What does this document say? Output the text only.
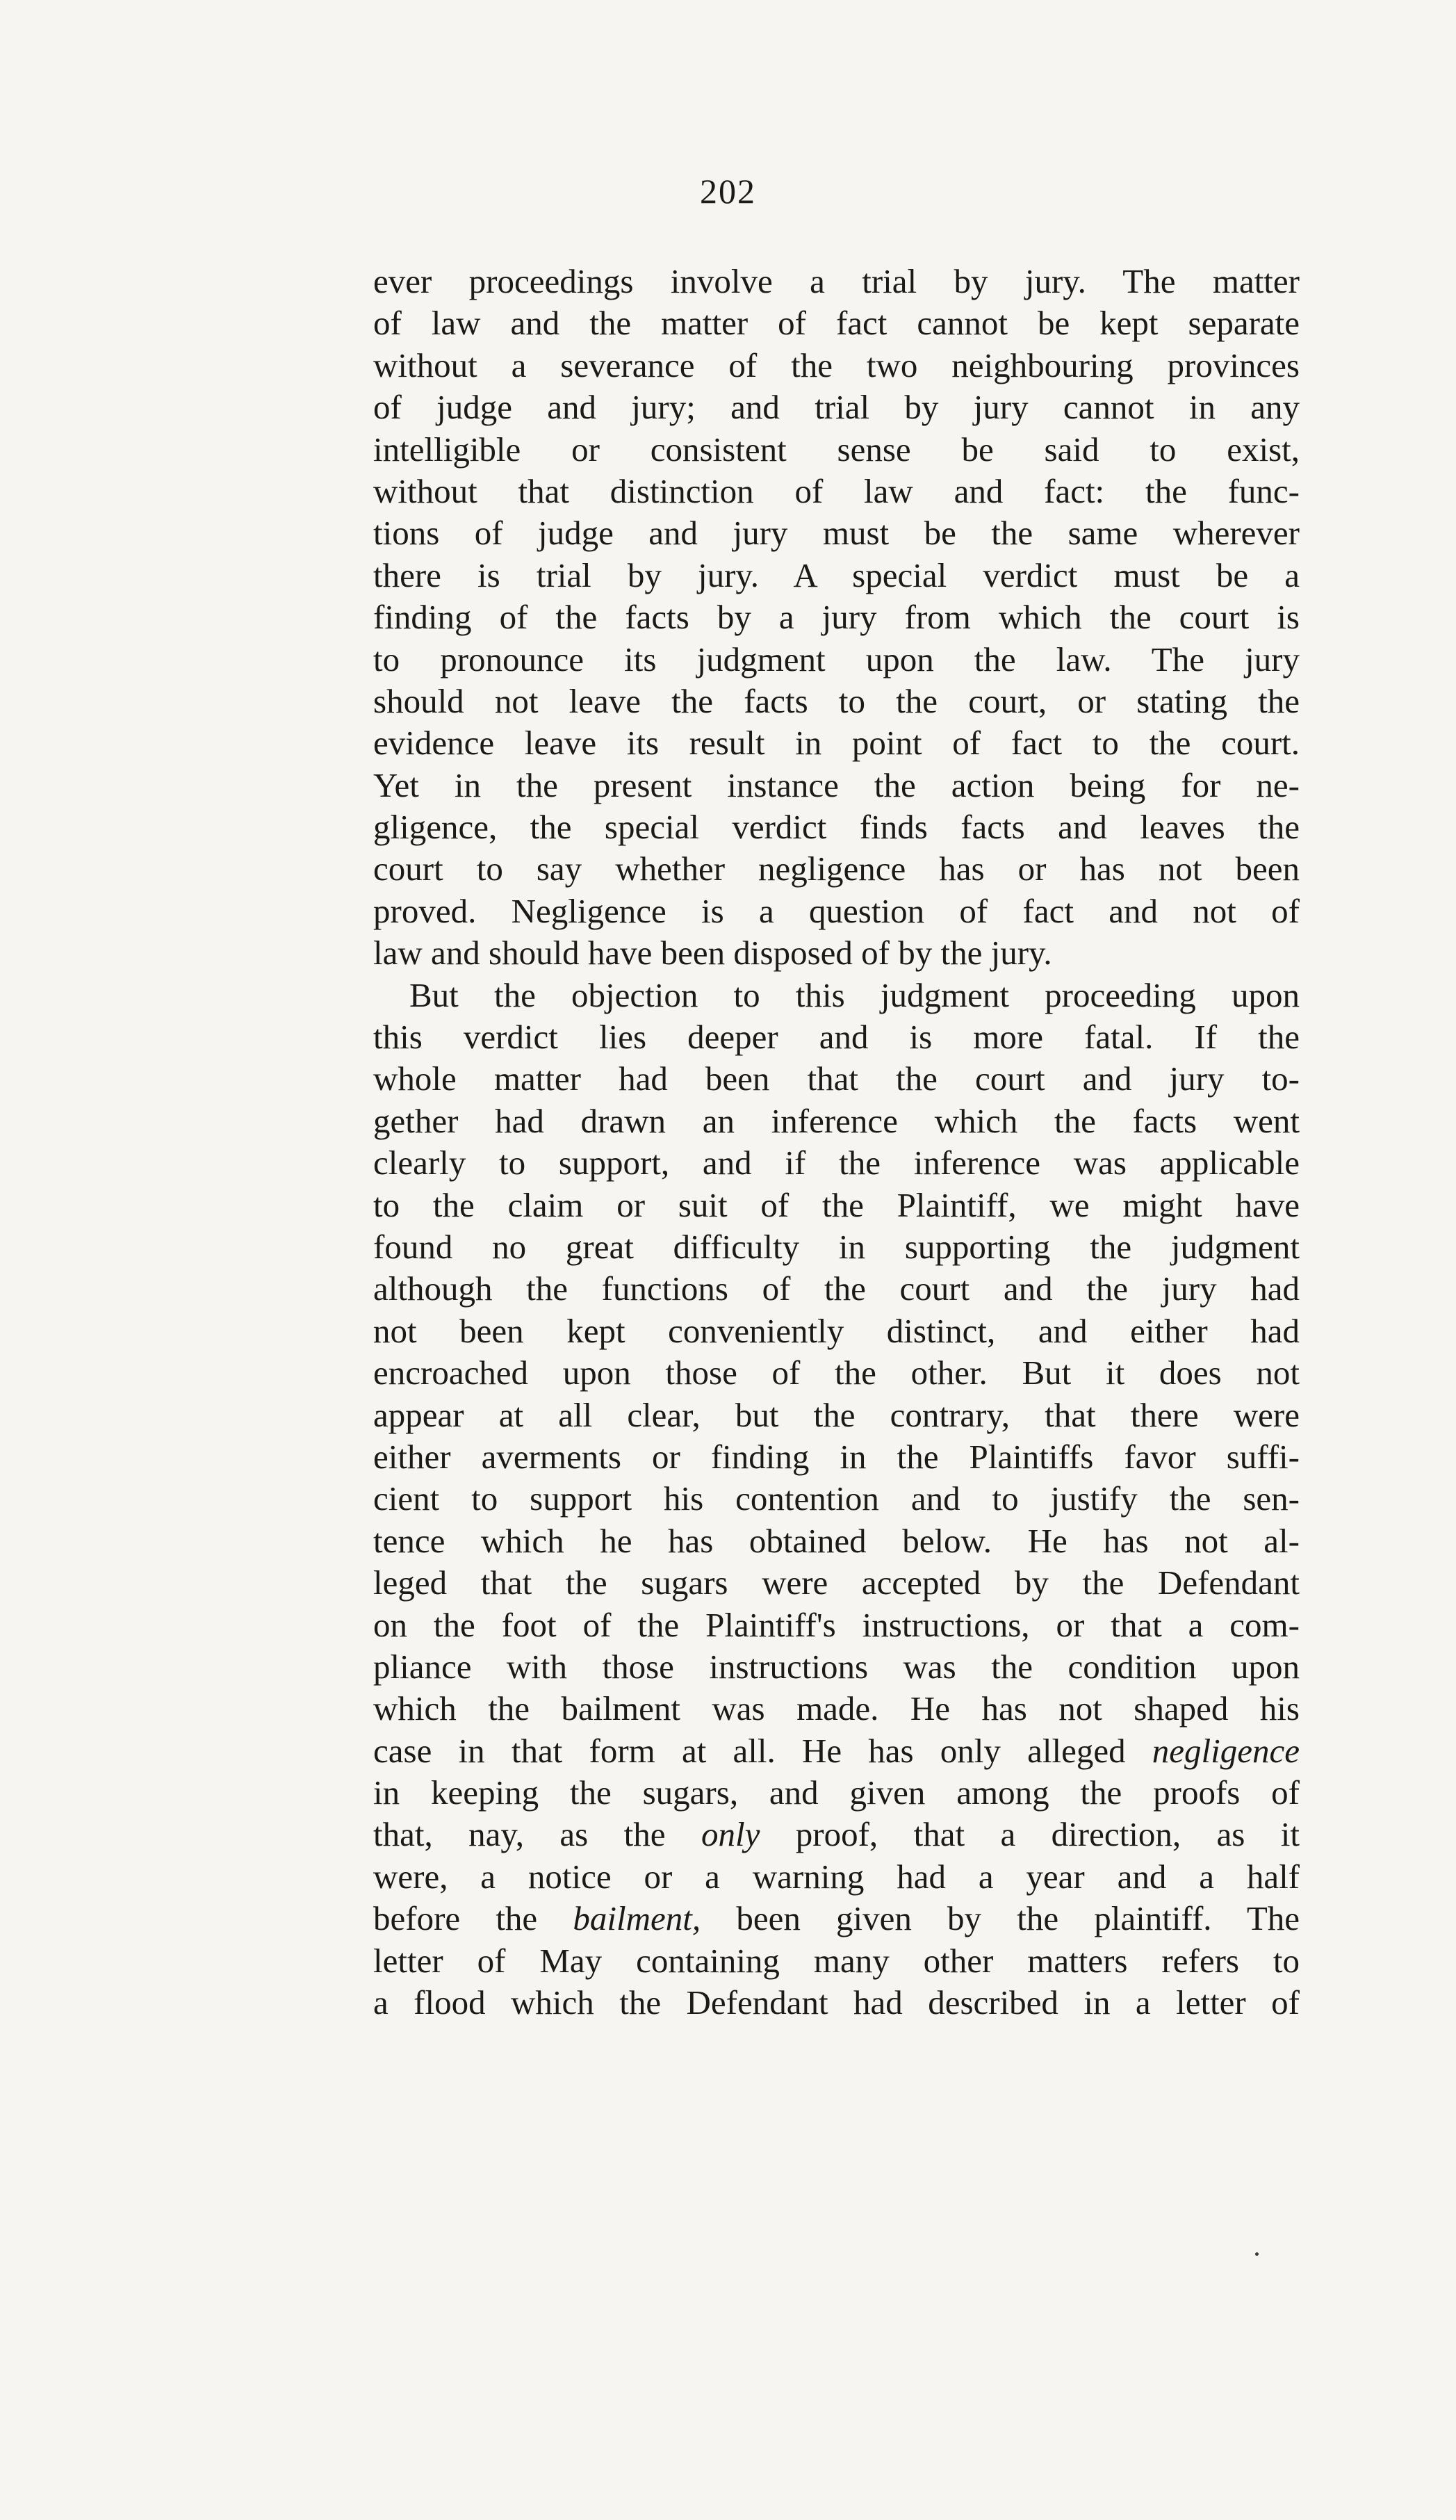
202
ever proceedings involve a trial by jury. The matter
of law and the matter of fact cannot be kept separate
without a severance of the two neighbouring provinces
of judge and jury; and trial by jury cannot in any
intelligible or consistent sense be said to exist,
without that distinction of law and fact: the func-
tions of judge and jury must be the same wherever
there is trial by jury. A special verdict must be a
finding of the facts by a jury from which the court is
to pronounce its judgment upon the law. The jury
should not leave the facts to the court, or stating the
evidence leave its result in point of fact to the court.
Yet in the present instance the action being for ne-
gligence, the special verdict finds facts and leaves the
court to say whether negligence has or has not been
proved. Negligence is a question of fact and not of
law and should have been disposed of by the jury.
But the objection to this judgment proceeding upon
this verdict lies deeper and is more fatal. If the
whole matter had been that the court and jury to-
gether had drawn an inference which the facts went
clearly to support, and if the inference was applicable
to the claim or suit of the Plaintiff, we might have
found no great difficulty in supporting the judgment
although the functions of the court and the jury had
not been kept conveniently distinct, and either had
encroached upon those of the other. But it does not
appear at all clear, but the contrary, that there were
either averments or finding in the Plaintiffs favor suffi-
cient to support his contention and to justify the sen-
tence which he has obtained below. He has not al-
leged that the sugars were accepted by the Defendant
on the foot of the Plaintiff's instructions, or that a com-
pliance with those instructions was the condition upon
which the bailment was made. He has not shaped his
case in that form at all. He has only alleged negligence
in keeping the sugars, and given among the proofs of
that, nay, as the only proof, that a direction, as it
were, a notice or a warning had a year and a half
before the bailment, been given by the plaintiff. The
letter of May containing many other matters refers to
a flood which the Defendant had described in a letter of
